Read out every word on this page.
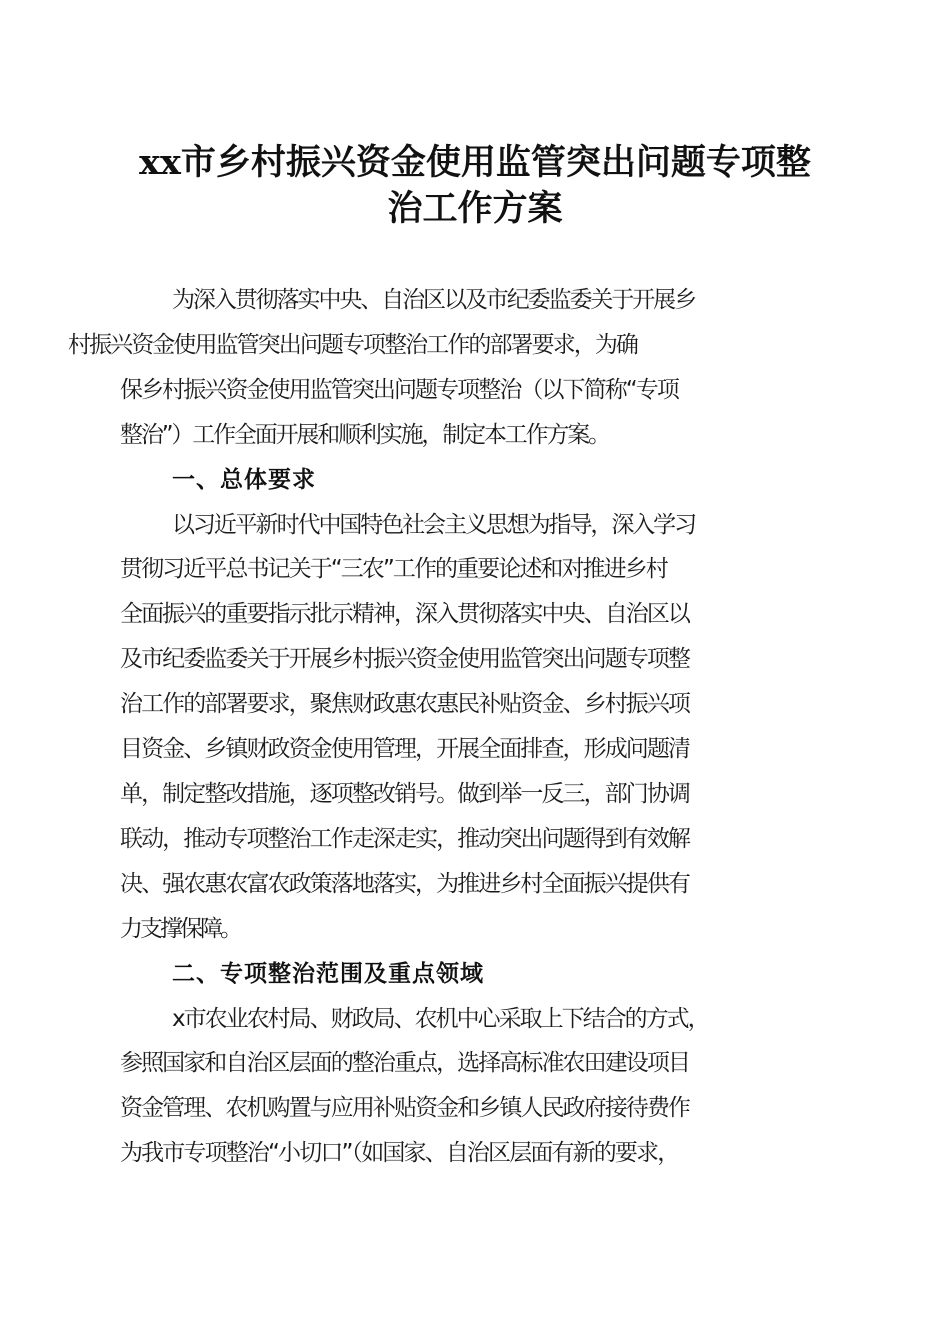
xx市乡村振兴资金使用监管突出问题专项整
治工作方案

为深入贯彻落实中央、自治区以及市纪委监委关于开展乡
村振兴资金使用监管突出问题专项整治工作的部署要求，为确
保乡村振兴资金使用监管突出问题专项整治（以下简称“专项
整治”）工作全面开展和顺利实施，制定本工作方案。

一、总体要求

以习近平新时代中国特色社会主义思想为指导，深入学习
贯彻习近平总书记关于“三农”工作的重要论述和对推进乡村
全面振兴的重要指示批示精神，深入贯彻落实中央、自治区以
及市纪委监委关于开展乡村振兴资金使用监管突出问题专项整
治工作的部署要求，聚焦财政惠农惠民补贴资金、乡村振兴项
目资金、乡镇财政资金使用管理，开展全面排查，形成问题清
单，制定整改措施，逐项整改销号。做到举一反三，部门协调
联动，推动专项整治工作走深走实，推动突出问题得到有效解
决、强农惠农富农政策落地落实，为推进乡村全面振兴提供有
力支撑保障。

二、专项整治范围及重点领域

x市农业农村局、财政局、农机中心采取上下结合的方式，
参照国家和自治区层面的整治重点，选择高标准农田建设项目
资金管理、农机购置与应用补贴资金和乡镇人民政府接待费作
为我市专项整治“小切口”（如国家、自治区层面有新的要求，
